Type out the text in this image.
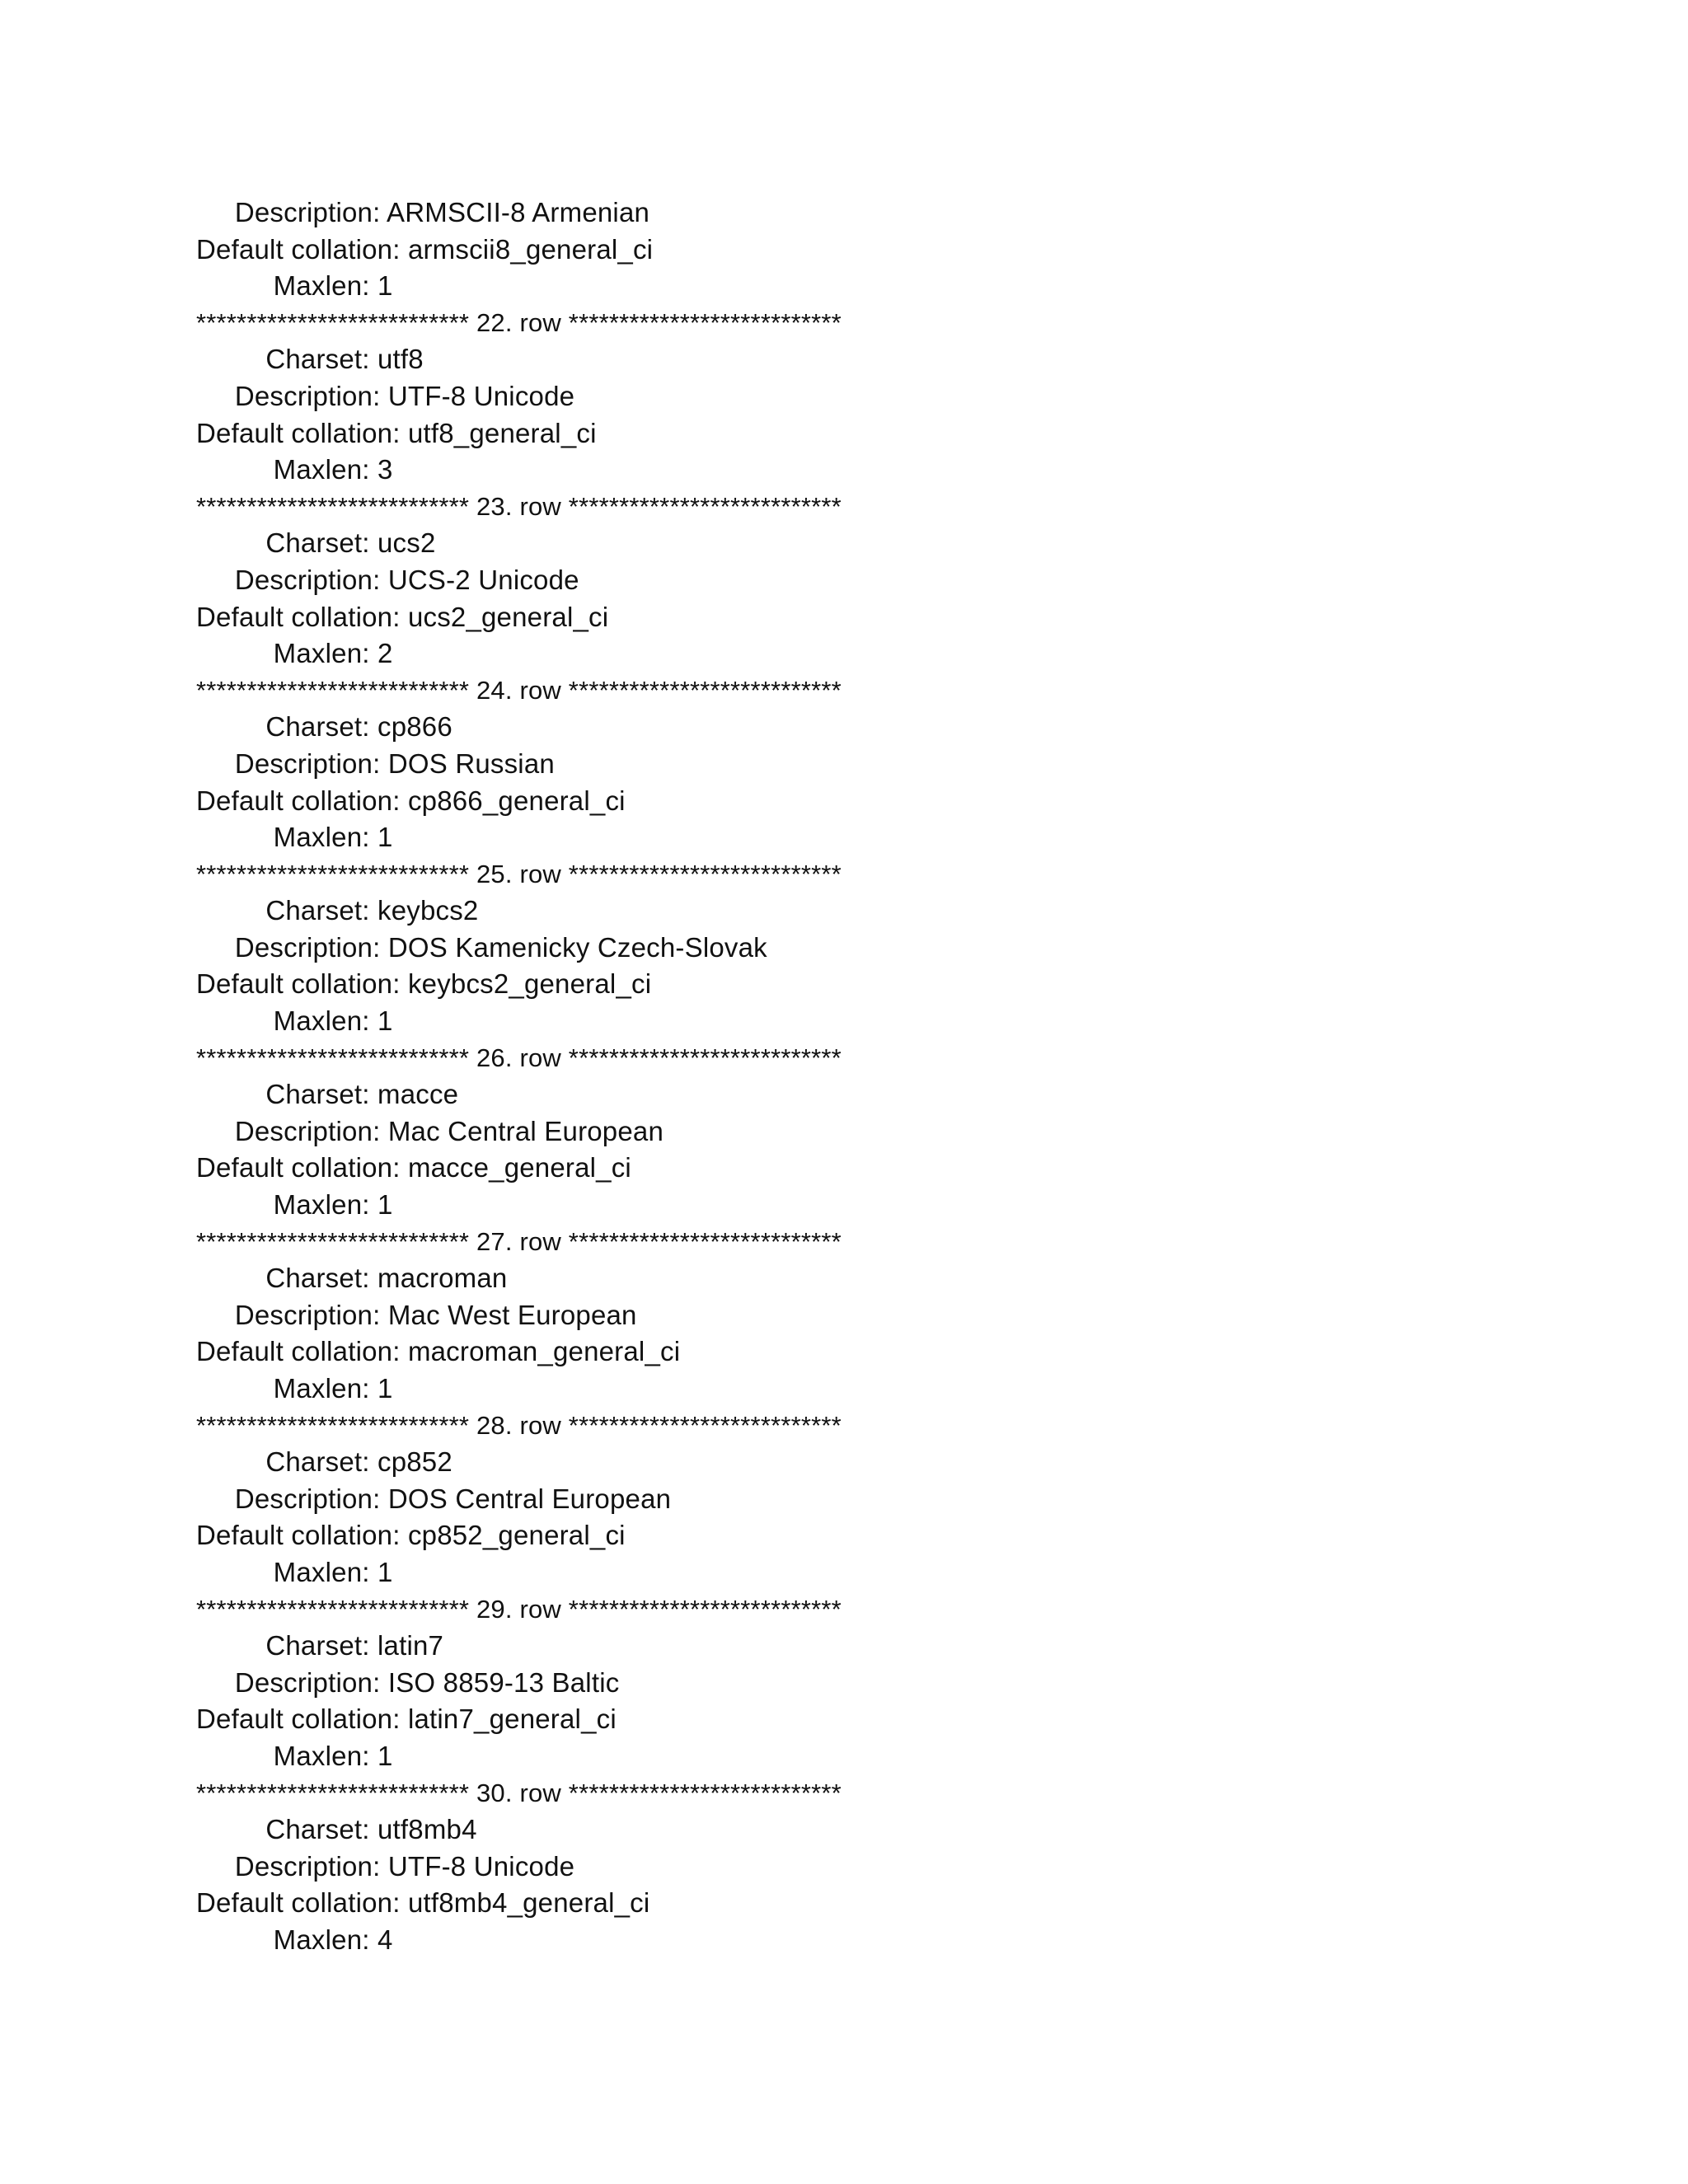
Description: ARMSCII-8 Armenian
Default collation: armscii8_general_ci
Maxlen: 1
*************************** 22. row ***************************
Charset: utf8
Description: UTF-8 Unicode
Default collation: utf8_general_ci
Maxlen: 3
*************************** 23. row ***************************
Charset: ucs2
Description: UCS-2 Unicode
Default collation: ucs2_general_ci
Maxlen: 2
*************************** 24. row ***************************
Charset: cp866
Description: DOS Russian
Default collation: cp866_general_ci
Maxlen: 1
*************************** 25. row ***************************
Charset: keybcs2
Description: DOS Kamenicky Czech-Slovak
Default collation: keybcs2_general_ci
Maxlen: 1
*************************** 26. row ***************************
Charset: macce
Description: Mac Central European
Default collation: macce_general_ci
Maxlen: 1
*************************** 27. row ***************************
Charset: macroman
Description: Mac West European
Default collation: macroman_general_ci
Maxlen: 1
*************************** 28. row ***************************
Charset: cp852
Description: DOS Central European
Default collation: cp852_general_ci
Maxlen: 1
*************************** 29. row ***************************
Charset: latin7
Description: ISO 8859-13 Baltic
Default collation: latin7_general_ci
Maxlen: 1
*************************** 30. row ***************************
Charset: utf8mb4
Description: UTF-8 Unicode
Default collation: utf8mb4_general_ci
Maxlen: 4
